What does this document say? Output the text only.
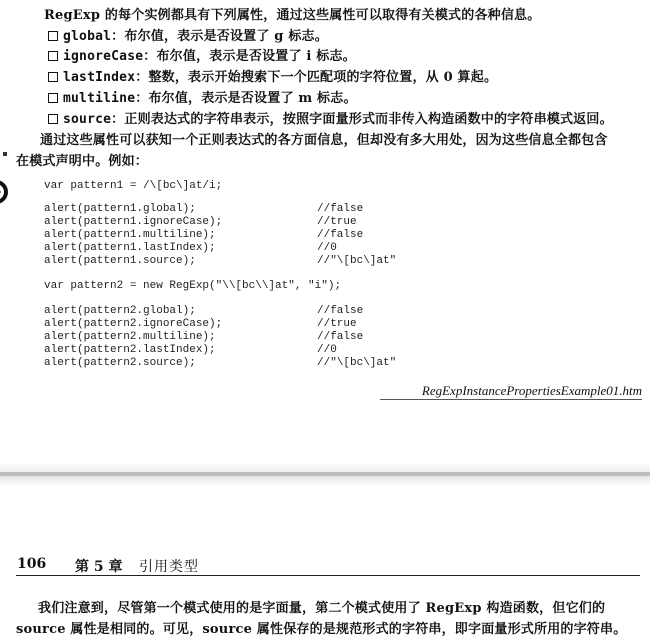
RegExp 的每个实例都具有下列属性，通过这些属性可以取得有关模式的各种信息。
global：布尔值，表示是否设置了 g 标志。
ignoreCase：布尔值，表示是否设置了 i 标志。
lastIndex：整数，表示开始搜索下一个匹配项的字符位置，从 0 算起。
multiline：布尔值，表示是否设置了 m 标志。
source：正则表达式的字符串表示，按照字面量形式而非传入构造函数中的字符串模式返回。
通过这些属性可以获知一个正则表达式的各方面信息，但却没有多大用处，因为这些信息全都包含
在模式声明中。例如：
var pattern1 = /\[bc\]at/i;
alert(pattern1.global);	//false
alert(pattern1.ignoreCase);	//true
alert(pattern1.multiline);	//false
alert(pattern1.lastIndex);	//0
alert(pattern1.source);	//"\[bc\]at"
var pattern2 = new RegExp("\\[bc\\]at", "i");
alert(pattern2.global);	//false
alert(pattern2.ignoreCase);	//true
alert(pattern2.multiline);	//false
alert(pattern2.lastIndex);	//0
alert(pattern2.source);	//"\[bc\]at"
RegExpInstancePropertiesExample01.htm
106 第 5 章 引用类型
我们注意到，尽管第一个模式使用的是字面量，第二个模式使用了 RegExp 构造函数，但它们的
source 属性是相同的。可见，source 属性保存的是规范形式的字符串，即字面量形式所用的字符串。
